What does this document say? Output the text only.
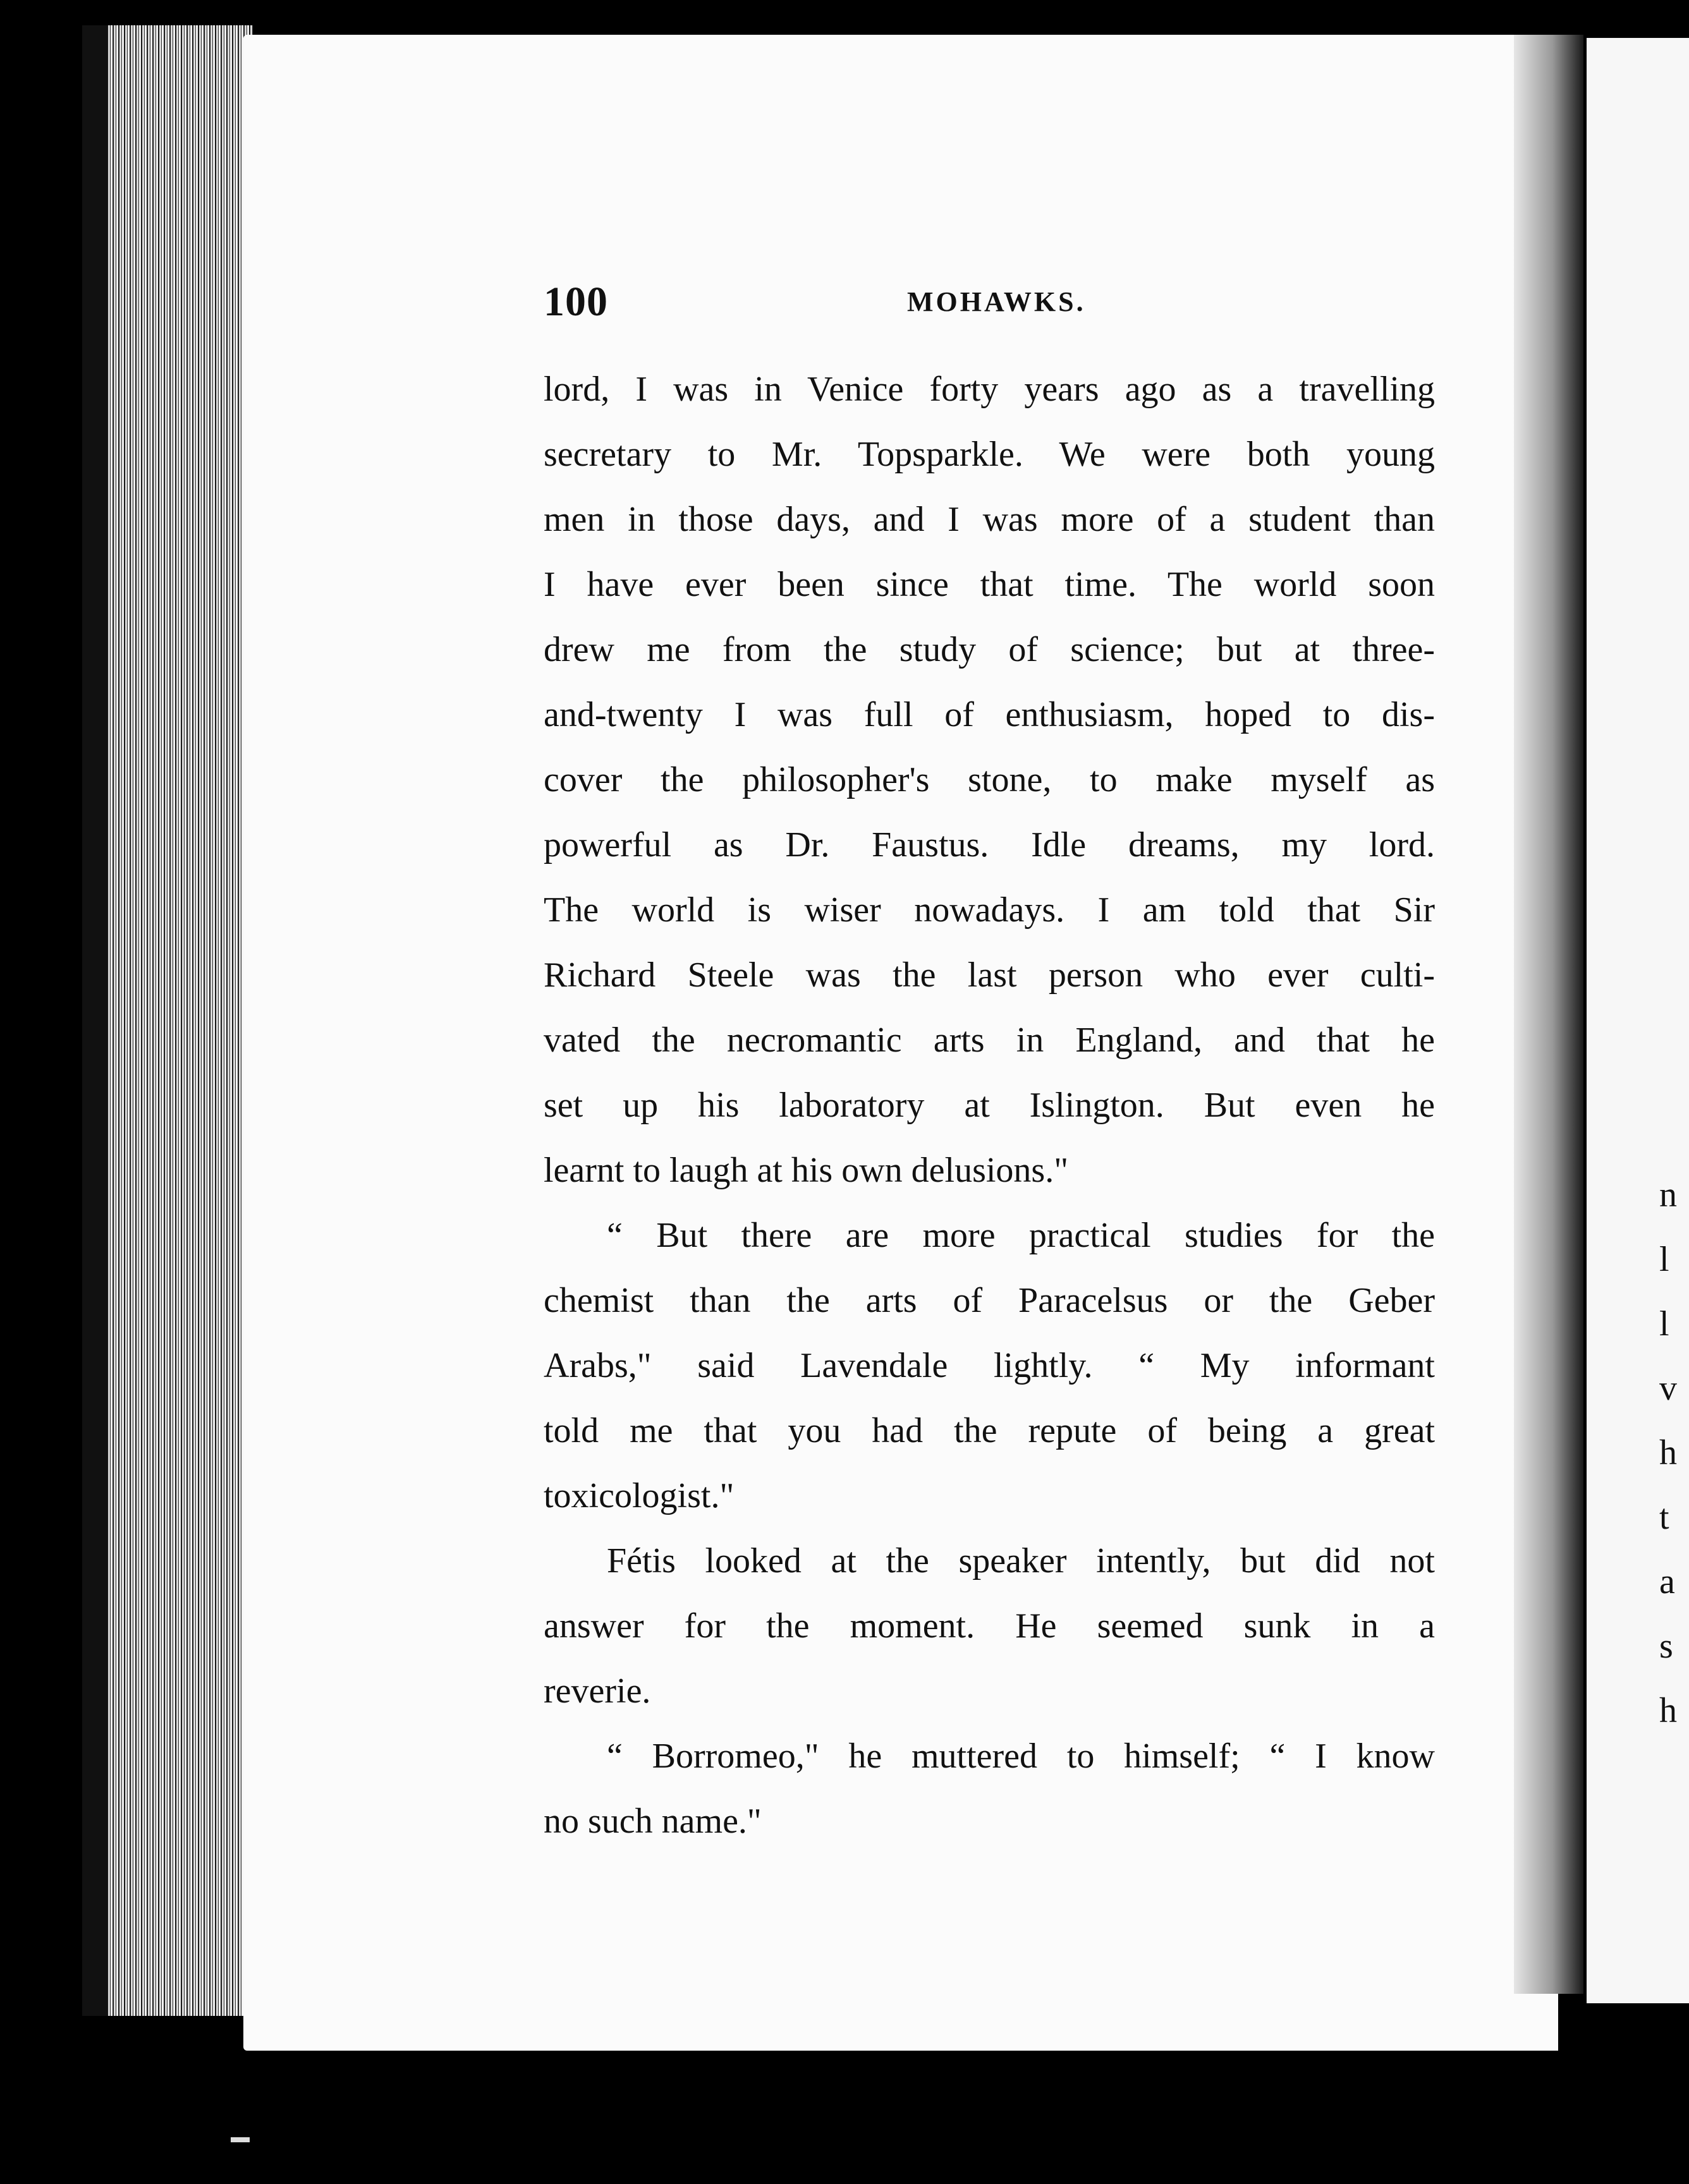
n
l
l
v
h
t
a
s
h
100	MOHAWKS.
lord, I was in Venice forty years ago as a travelling
secretary to Mr. Topsparkle. We were both young
men in those days, and I was more of a student than
I have ever been since that time. The world soon
drew me from the study of science; but at three-
and-twenty I was full of enthusiasm, hoped to dis-
cover the philosopher's stone, to make myself as
powerful as Dr. Faustus. Idle dreams, my lord.
The world is wiser nowadays. I am told that Sir
Richard Steele was the last person who ever culti-
vated the necromantic arts in England, and that he
set up his laboratory at Islington. But even he
learnt to laugh at his own delusions."
“ But there are more practical studies for the
chemist than the arts of Paracelsus or the Geber
Arabs," said Lavendale lightly. “ My informant
told me that you had the repute of being a great
toxicologist."
Fétis looked at the speaker intently, but did not
answer for the moment. He seemed sunk in a
reverie.
“ Borromeo," he muttered to himself; “ I know
no such name."
